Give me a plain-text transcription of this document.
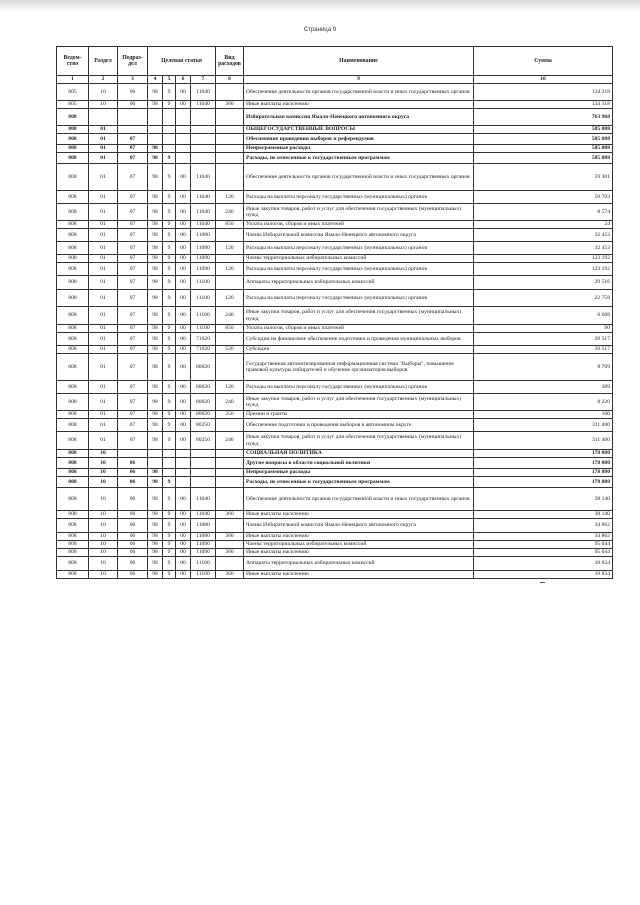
Страница 9
Ведом-ство	Раздел	Подраз-дел	Целевая статья				Вид расходов	Наименование	Сумма
1	2	3	4	5	6	7	8	9	10
805	10	06	98	9	00	11040		Обеспечение деятельности органов государственной власти и иных государственных органов	134 318
805	10	06	98	9	00	11040	360	Иные выплаты населению	134 318
808								Избирательная комиссия Ямало-Ненецкого автономного округа	763 968
808	01							ОБЩЕГОСУДАРСТВЕННЫЕ ВОПРОСЫ	585 088
808	01	07						Обеспечение проведения выборов и референдумов	585 088
808	01	07	98					Непрограммные расходы	585 088
808	01	07	98	9				Расходы, не отнесенные к государственным программам	585 088
808	01	07	98	9	00	11040		Обеспечение деятельности органов государственной власти и иных государственных органов	59 301
808	01	07	98	9	00	11040	120	Расходы на выплаты персоналу государственных (муниципальных) органов	50 703
808	01	07	98	9	00	11040	240	Иные закупки товаров, работ и услуг для обеспечения государственных (муниципальных) нужд	8 574
808	01	07	98	9	00	11040	850	Уплата налогов, сборов и иных платежей	24
808	01	07	98	9	00	11080		Члены Избирательной комиссии Ямало-Ненецкого автономного округа	32 453
808	01	07	98	9	00	11080	120	Расходы на выплаты персоналу государственных (муниципальных) органов	32 453
808	01	07	98	9	00	11090		Члены территориальных избирательных комиссий	123 192
808	01	07	98	9	00	11090	120	Расходы на выплаты персоналу государственных (муниципальных) органов	123 192
808	01	07	98	9	00	11100		Аппараты территориальных избирательных комиссий	29 516
808	01	07	98	9	00	11100	120	Расходы на выплаты персоналу государственных (муниципальных) органов	22 758
808	01	07	98	9	00	11100	240	Иные закупки товаров, работ и услуг для обеспечения государственных (муниципальных) нужд	6 668
808	01	07	98	9	00	11100	850	Уплата налогов, сборов и иных платежей	90
808	01	07	98	9	00	71020		Субсидии на финансовое обеспечение подготовки и проведения муниципальных выборов	20 517
808	01	07	98	9	00	71020	520	Субсидии	20 517
808	01	07	98	9	00	80020		Государственная автоматизированная информационная система "Выборы", повышение правовой культуры избирателей и обучение организаторов выборов	8 709
808	01	07	98	9	00	80020	120	Расходы на выплаты персоналу государственных (муниципальных) органов	389
808	01	07	98	9	00	80020	240	Иные закупки товаров, работ и услуг для обеспечения государственных (муниципальных) нужд	8 220
808	01	07	98	9	00	80020	350	Премии и гранты	100
808	01	07	98	9	00	80250		Обеспечение подготовки и проведения выборов в автономном округе	311 400
808	01	07	98	9	00	80250	240	Иные закупки товаров, работ и услуг для обеспечения государственных (муниципальных) нужд	311 400
808	10							СОЦИАЛЬНАЯ ПОЛИТИКА	178 880
808	10	06						Другие вопросы в области социальной политики	178 880
808	10	06	98					Непрограммные расходы	178 880
808	10	06	98	9				Расходы, не отнесенные к государственным программам	178 880
808	10	06	98	9	00	11040		Обеспечение деятельности органов государственной власти и иных государственных органов	38 140
808	10	06	98	9	00	11040	360	Иные выплаты населению	38 140
808	10	06	98	9	00	11080		Члены Избирательной комиссии Ямало-Ненецкого автономного округа	34 862
808	10	06	98	9	00	11080	360	Иные выплаты населению	34 862
808	10	06	98	9	00	11090		Члены территориальных избирательных комиссий	95 044
808	10	06	98	9	00	11090	360	Иные выплаты населению	95 044
808	10	06	98	9	00	11100		Аппараты территориальных избирательных комиссий	10 834
808	10	06	98	9	00	11100	360	Иные выплаты населению	10 834
